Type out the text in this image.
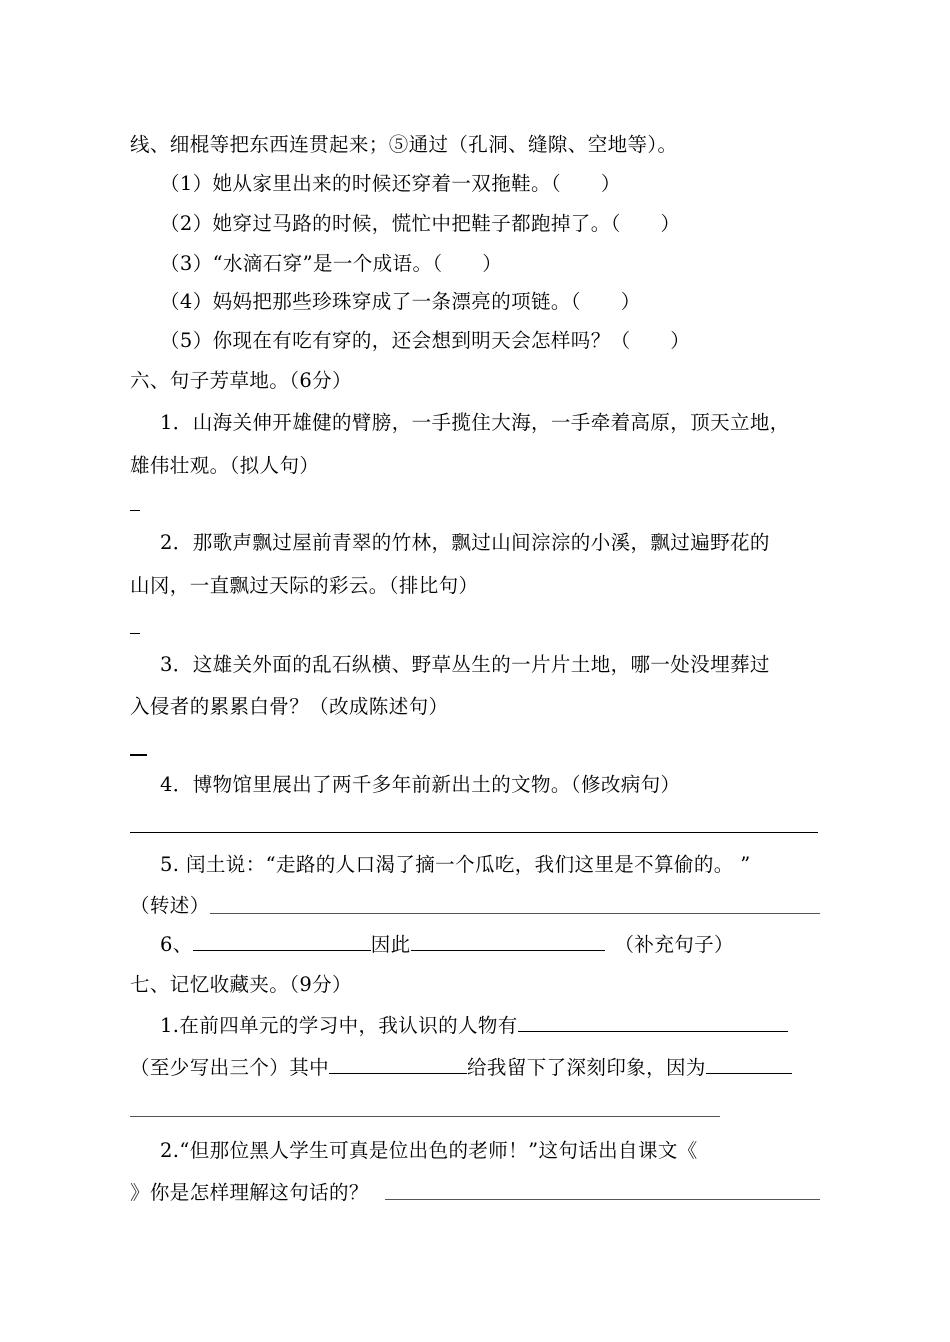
线、细棍等把东西连贯起来；⑤通过（孔洞、缝隙、空地等）。
（1）她从家里出来的时候还穿着一双拖鞋。（　　）
（2）她穿过马路的时候，慌忙中把鞋子都跑掉了。（　　）
（3）“水滴石穿”是一个成语。（　　）
（4）妈妈把那些珍珠穿成了一条漂亮的项链。（　　）
（5）你现在有吃有穿的，还会想到明天会怎样吗？（　　）
六、句子芳草地。（6分）
1．山海关伸开雄健的臂膀，一手揽住大海，一手牵着高原，顶天立地，
雄伟壮观。（拟人句）
2．那歌声飘过屋前青翠的竹林，飘过山间淙淙的小溪，飘过遍野花的
山冈，一直飘过天际的彩云。（排比句）
3．这雄关外面的乱石纵横、野草丛生的一片片土地，哪一处没埋葬过
入侵者的累累白骨？（改成陈述句）
4．博物馆里展出了两千多年前新出土的文物。（修改病句）
5. 闰土说：“走路的人口渴了摘一个瓜吃，我们这里是不算偷的。 ”
（转述）
6、	因此	（补充句子）
七、记忆收藏夹。（9分）
1.在前四单元的学习中，我认识的人物有
（至少写出三个）其中	给我留下了深刻印象，因为
2.“但那位黑人学生可真是位出色的老师！”这句话出自课文《
》你是怎样理解这句话的？
